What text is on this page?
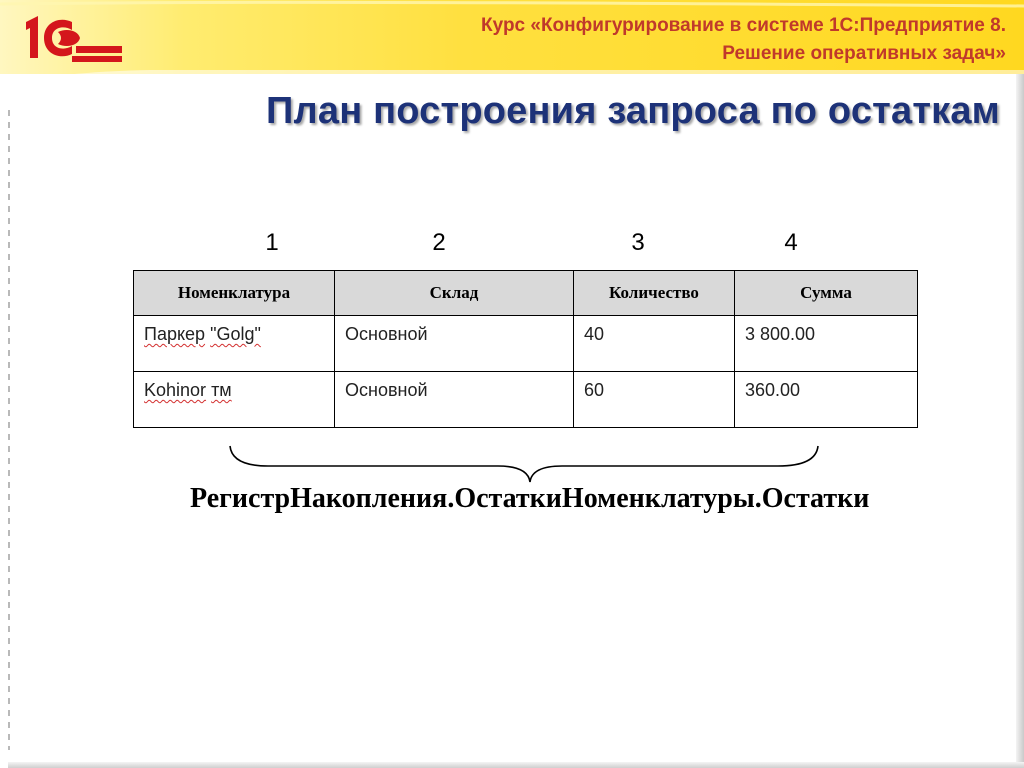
1С
Курс «Конфигурирование в системе 1С:Предприятие 8.
Решение оперативных задач»
План построения запроса по остаткам
1	2	3	4
Номенклатура	Склад	Количество	Сумма
Паркер "Golg"	Основной	40	3 800.00
Kohinor тм	Основной	60	360.00
РегистрНакопления.ОстаткиНоменклатуры.Остатки
